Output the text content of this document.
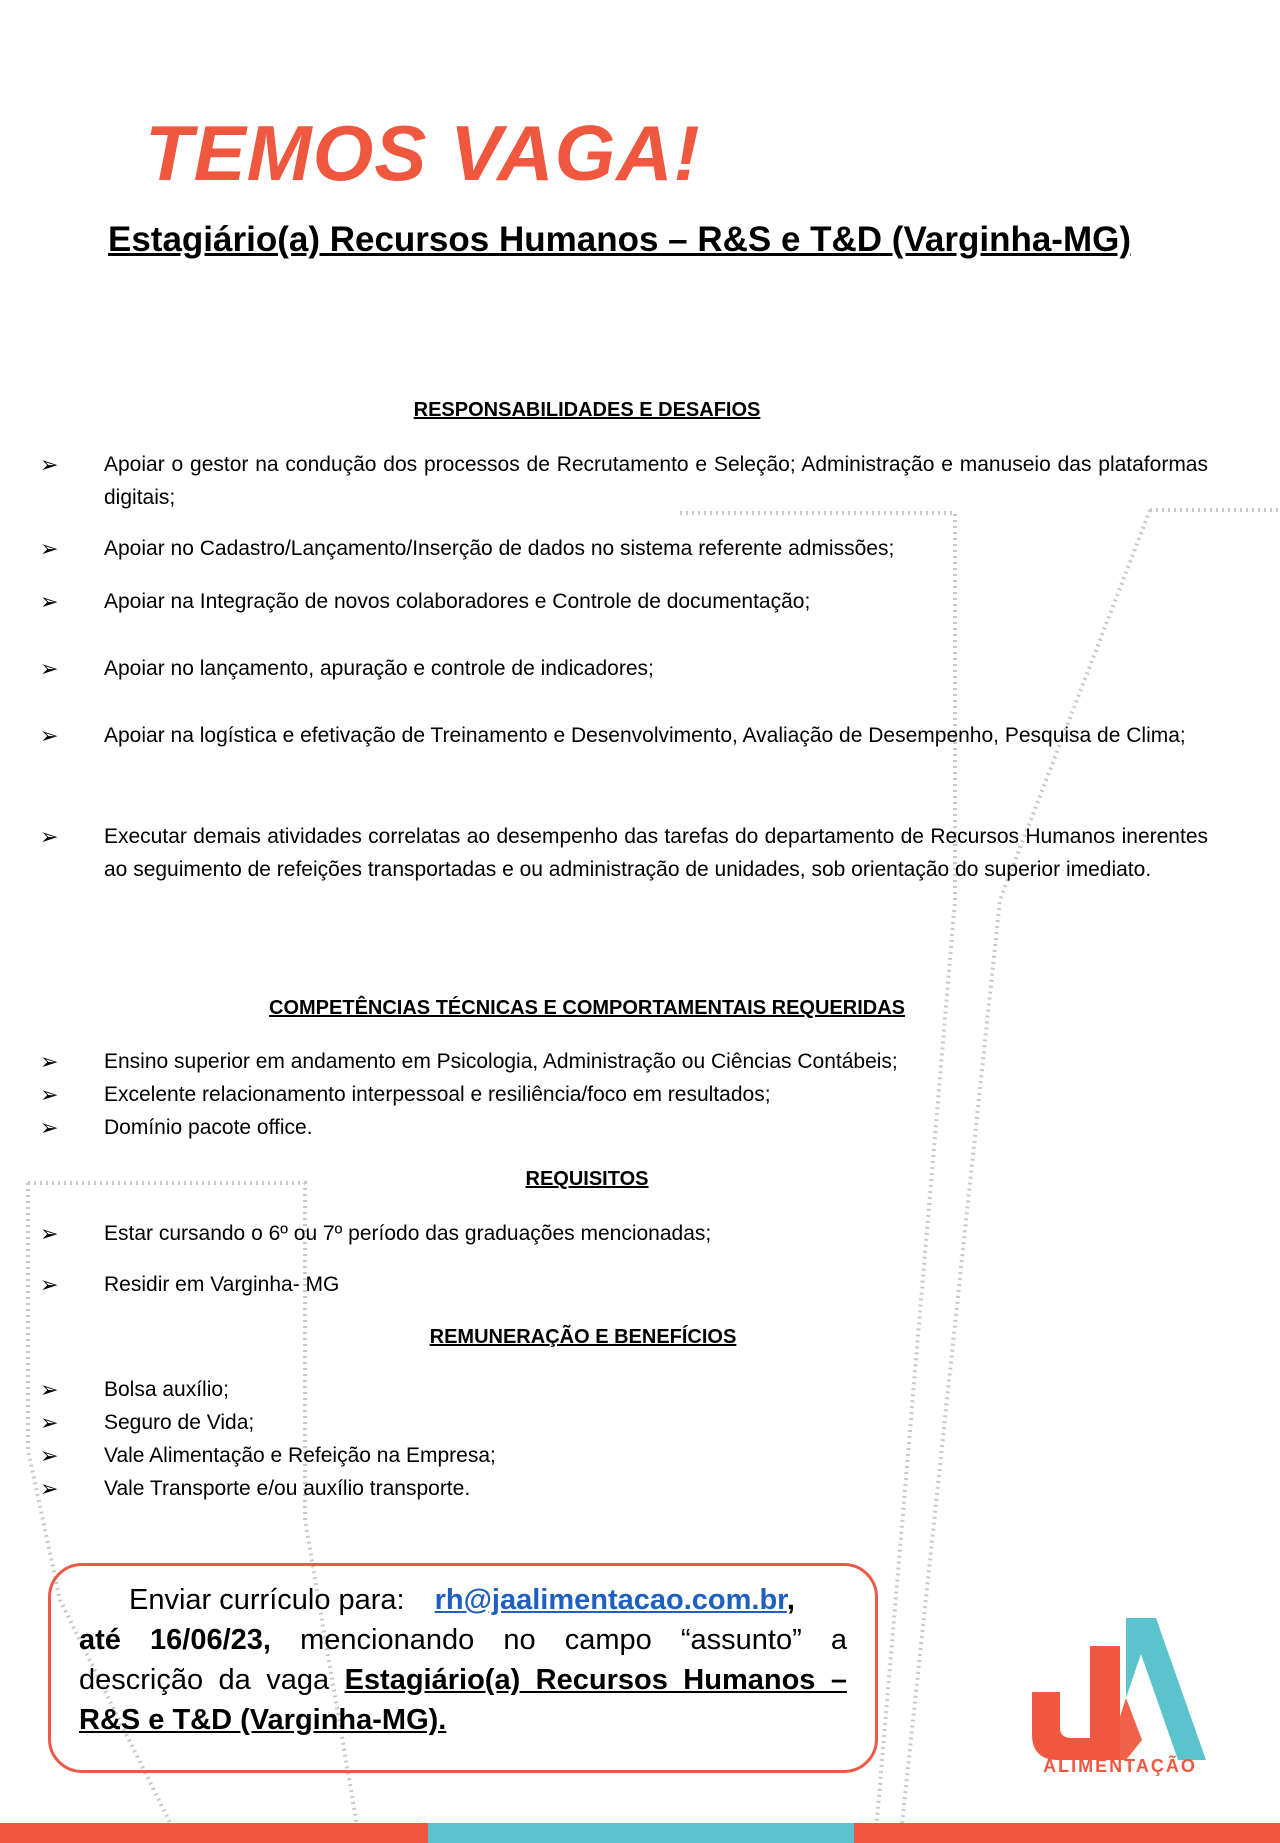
TEMOS VAGA!
Estagiário(a) Recursos Humanos – R&S e T&D (Varginha-MG)
RESPONSABILIDADES E DESAFIOS
➢ Apoiar o gestor na condução dos processos de Recrutamento e Seleção; Administração e manuseio das plataformas digitais;
➢ Apoiar no Cadastro/Lançamento/Inserção de dados no sistema referente admissões;
➢ Apoiar na Integração de novos colaboradores e Controle de documentação;
➢ Apoiar no lançamento, apuração e controle de indicadores;
➢ Apoiar na logística e efetivação de Treinamento e Desenvolvimento, Avaliação de Desempenho, Pesquisa de Clima;
➢ Executar demais atividades correlatas ao desempenho das tarefas do departamento de Recursos Humanos inerentes ao seguimento de refeições transportadas e ou administração de unidades, sob orientação do superior imediato.
COMPETÊNCIAS TÉCNICAS E COMPORTAMENTAIS REQUERIDAS
➢ Ensino superior em andamento em Psicologia, Administração ou Ciências Contábeis;
➢ Excelente relacionamento interpessoal e resiliência/foco em resultados;
➢ Domínio pacote office.
REQUISITOS
➢ Estar cursando o 6º ou 7º período das graduações mencionadas;
➢ Residir em Varginha- MG
REMUNERAÇÃO E BENEFÍCIOS
➢ Bolsa auxílio;
➢ Seguro de Vida;
➢ Vale Alimentação e Refeição na Empresa;
➢ Vale Transporte e/ou auxílio transporte.
Enviar currículo para: rh@jaalimentacao.com.br,
até 16/06/23, mencionando no campo “assunto” a descrição da vaga Estagiário(a) Recursos Humanos – R&S e T&D (Varginha-MG).

ALIMENTAÇÃO
